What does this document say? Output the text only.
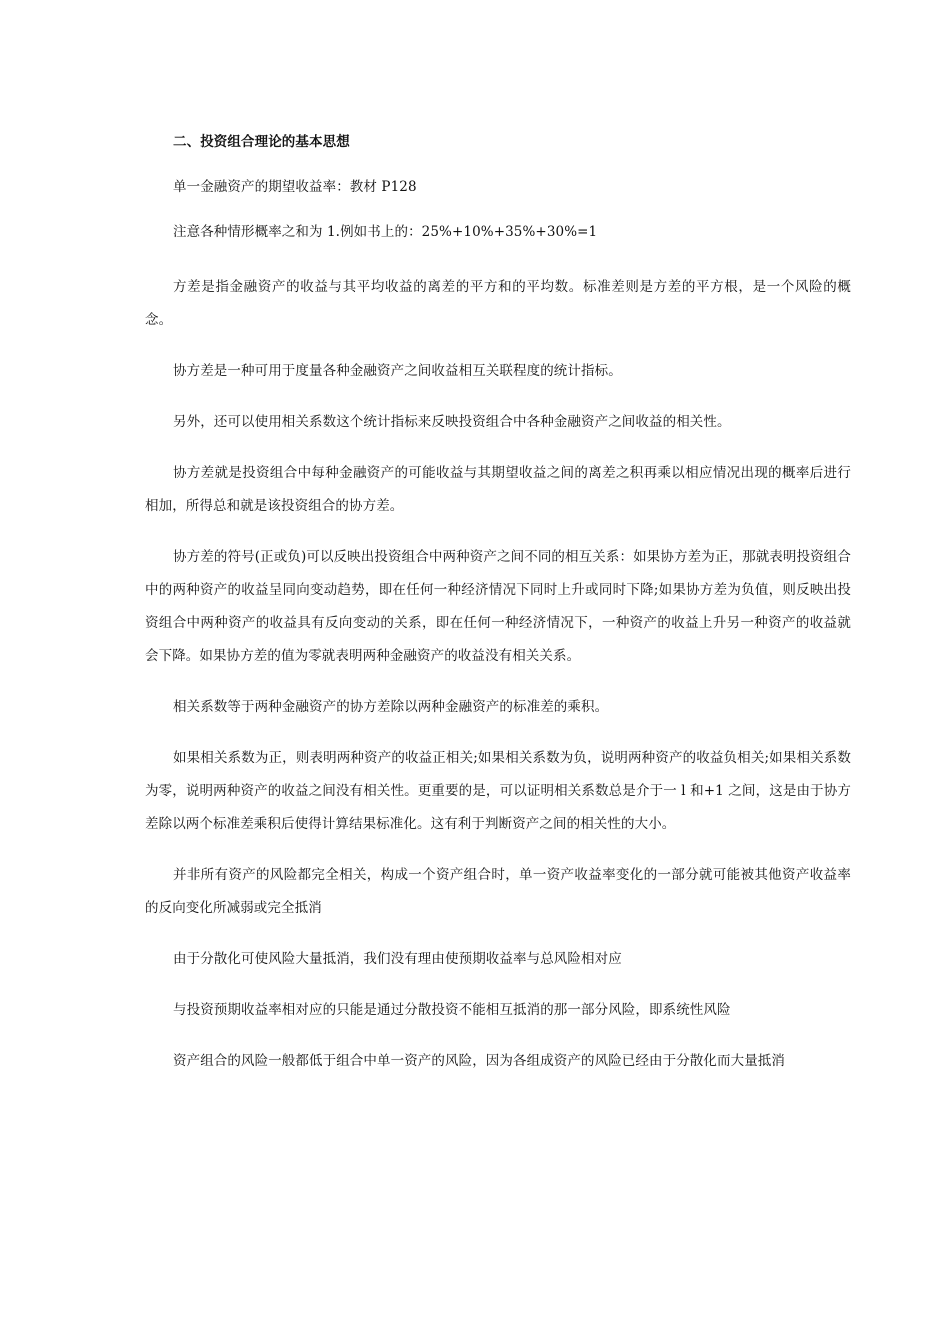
二、投资组合理论的基本思想

单一金融资产的期望收益率：教材 P128

注意各种情形概率之和为 1.例如书上的：25%+10%+35%+30%=1

方差是指金融资产的收益与其平均收益的离差的平方和的平均数。标准差则是方差的平方根，是一个风险的概念。

协方差是一种可用于度量各种金融资产之间收益相互关联程度的统计指标。

另外，还可以使用相关系数这个统计指标来反映投资组合中各种金融资产之间收益的相关性。

协方差就是投资组合中每种金融资产的可能收益与其期望收益之间的离差之积再乘以相应情况出现的概率后进行相加，所得总和就是该投资组合的协方差。

协方差的符号(正或负)可以反映出投资组合中两种资产之间不同的相互关系：如果协方差为正，那就表明投资组合中的两种资产的收益呈同向变动趋势，即在任何一种经济情况下同时上升或同时下降;如果协方差为负值，则反映出投资组合中两种资产的收益具有反向变动的关系，即在任何一种经济情况下，一种资产的收益上升另一种资产的收益就会下降。如果协方差的值为零就表明两种金融资产的收益没有相关关系。

相关系数等于两种金融资产的协方差除以两种金融资产的标准差的乘积。

如果相关系数为正，则表明两种资产的收益正相关;如果相关系数为负，说明两种资产的收益负相关;如果相关系数为零，说明两种资产的收益之间没有相关性。更重要的是，可以证明相关系数总是介于一 l 和+1 之间，这是由于协方差除以两个标准差乘积后使得计算结果标准化。这有利于判断资产之间的相关性的大小。

并非所有资产的风险都完全相关，构成一个资产组合时，单一资产收益率变化的一部分就可能被其他资产收益率的反向变化所减弱或完全抵消

由于分散化可使风险大量抵消，我们没有理由使预期收益率与总风险相对应

与投资预期收益率相对应的只能是通过分散投资不能相互抵消的那一部分风险，即系统性风险

资产组合的风险一般都低于组合中单一资产的风险，因为各组成资产的风险已经由于分散化而大量抵消
